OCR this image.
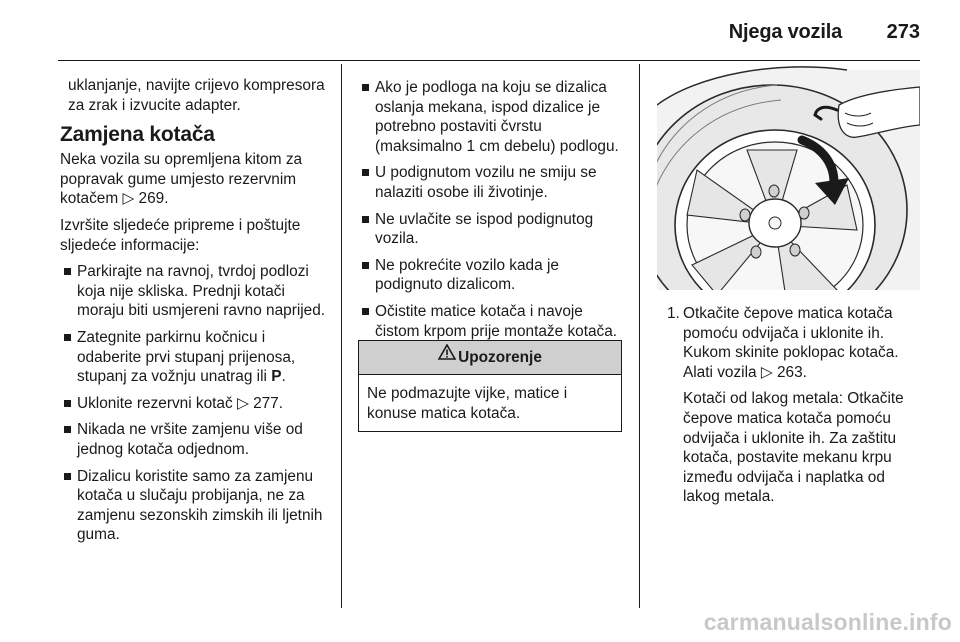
Njega vozila 273

uklanjanje, navijte crijevo kompresora za zrak i izvucite adapter.

Zamjena kotača

Neka vozila su opremljena kitom za popravak gume umjesto rezervnim kotačem ▷ 269.

Izvršite sljedeće pripreme i poštujte sljedeće informacije:

Parkirajte na ravnoj, tvrdoj podlozi koja nije skliska. Prednji kotači moraju biti usmjereni ravno naprijed.
Zategnite parkirnu kočnicu i odaberite prvi stupanj prijenosa, stupanj za vožnju unatrag ili P.
Uklonite rezervni kotač ▷ 277.
Nikada ne vršite zamjenu više od jednog kotača odjednom.
Dizalicu koristite samo za zamjenu kotača u slučaju probijanja, ne za zamjenu sezonskih zimskih ili ljetnih guma.
Ako je podloga na koju se dizalica oslanja mekana, ispod dizalice je potrebno postaviti čvrstu (maksimalno 1 cm debelu) podlogu.
U podignutom vozilu ne smiju se nalaziti osobe ili životinje.
Ne uvlačite se ispod podignutog vozila.
Ne pokrećite vozilo kada je podignuto dizalicom.
Očistite matice kotača i navoje čistom krpom prije montaže kotača.
Upozorenje
Ne podmazujte vijke, matice i konuse matica kotača.
1. Otkačite čepove matica kotača pomoću odvijača i uklonite ih. Kukom skinite poklopac kotača. Alati vozila ▷ 263.

Kotači od lakog metala: Otkačite čepove matica kotača pomoću odvijača i uklonite ih. Za zaštitu kotača, postavite mekanu krpu između odvijača i naplatka od lakog metala.

carmanualsonline.info
